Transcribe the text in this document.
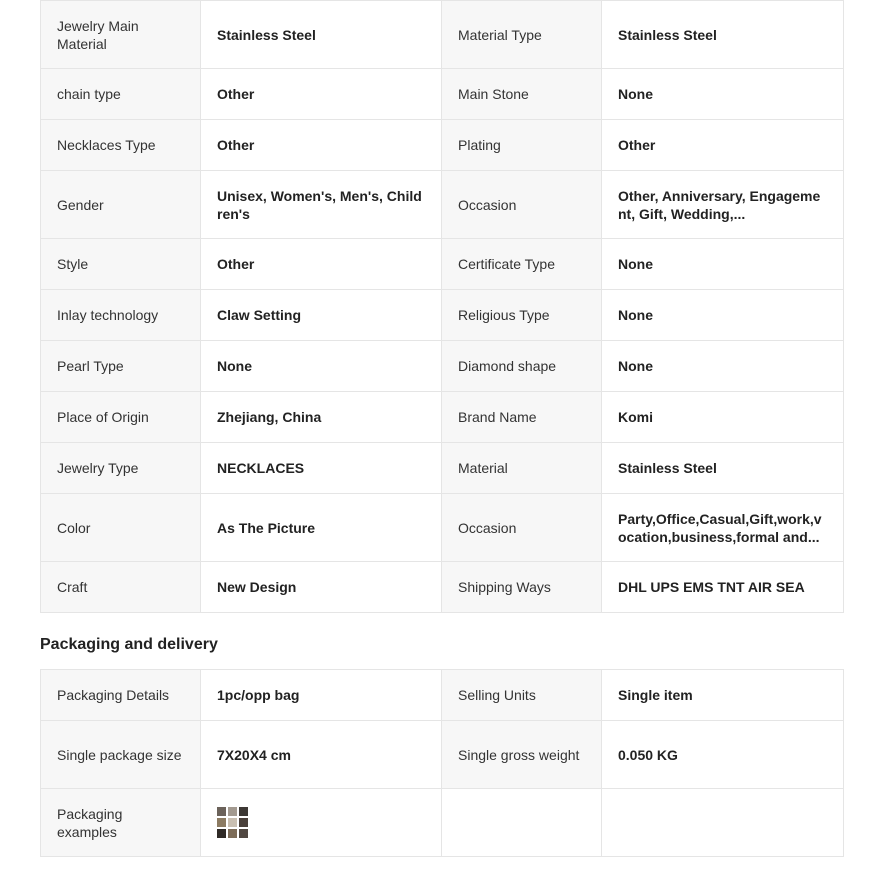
Jewelry Main Material	Stainless Steel	Material Type	Stainless Steel
chain type	Other	Main Stone	None
Necklaces Type	Other	Plating	Other
Gender	Unisex, Women's, Men's, Children's	Occasion	Other, Anniversary, Engagement, Gift, Wedding,...

Style	Other	Certificate Type	None
Inlay technology	Claw Setting	Religious Type	None
Pearl Type	None	Diamond shape	None
Place of Origin	Zhejiang, China	Brand Name	Komi
Jewelry Type	NECKLACES	Material	Stainless Steel
Color	As The Picture	Occasion	Party,Office,Casual,Gift,work,vocation,business,formal and...

Craft	New Design	Shipping Ways	DHL UPS EMS TNT AIR SEA
Packaging and delivery
Packaging Details	1pc/opp bag	Selling Units	Single item
Single package size	7X20X4 cm	Single gross weight	0.050 KG
Packaging examples	
